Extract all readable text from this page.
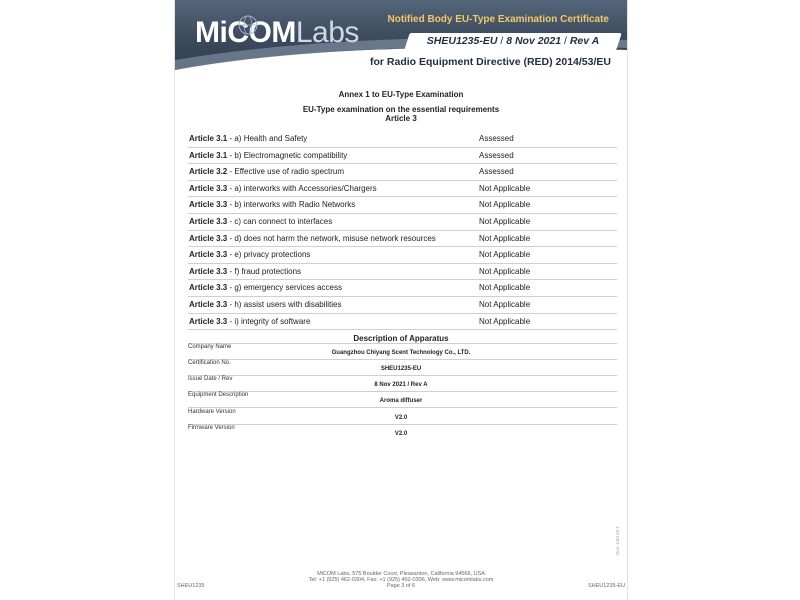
MiCOMLabs	Notified Body EU-Type Examination Certificate
SHEU1235-EU / 8 Nov 2021 / Rev A
for Radio Equipment Directive (RED) 2014/53/EU
Annex 1 to EU-Type Examination
EU-Type examination on the essential requirements
Article 3
Article 3.1 - a) Health and Safety	Assessed
Article 3.1 - b) Electromagnetic compatibility	Assessed
Article 3.2 - Effective use of radio spectrum	Assessed
Article 3.3 - a) interworks with Accessories/Chargers	Not Applicable
Article 3.3 - b) interworks with Radio Networks	Not Applicable
Article 3.3 - c) can connect to interfaces	Not Applicable
Article 3.3 - d) does not harm the network, misuse network resources	Not Applicable
Article 3.3 - e) privacy protections	Not Applicable
Article 3.3 - f) fraud protections	Not Applicable
Article 3.3 - g) emergency services access	Not Applicable
Article 3.3 - h) assist users with disabilities	Not Applicable
Article 3.3 - i) integrity of software	Not Applicable
Description of Apparatus
Company Name
Guangzhou Chiyang Scent Technology Co., LTD.
Certification No.
SHEU1235-EU
Issue Date / Rev
8 Nov 2021 / Rev A
Equipment Description
Aroma diffuser
Hardware Version
V2.0
Firmware Version
V2.0
Doc: Cert v2.7
MiCOM Labs, 575 Boulder Court, Pleasanton, California 94566, USA
Tel: +1 (925) 462-0304, Fax: +1 (925) 462-0306, Web: www.micomlabs.com
Page 3 of 6
SHEU1235	SHEU1235-EU
